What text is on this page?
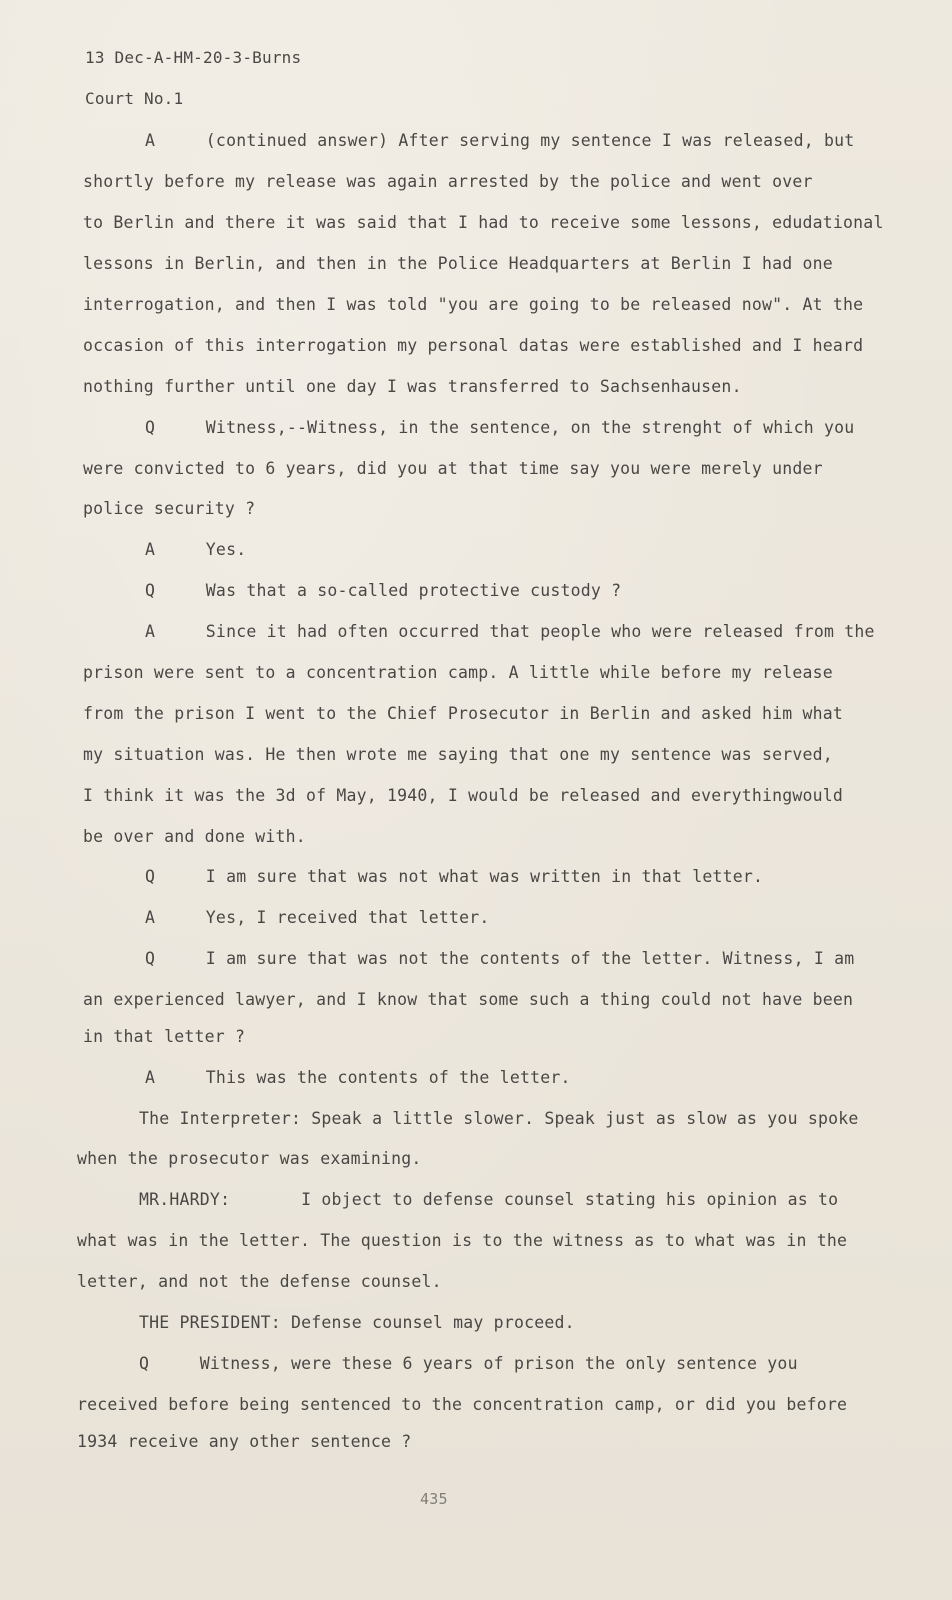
13 Dec-A-HM-20-3-Burns
Court No.1
A     (continued answer) After serving my sentence I was released, but
shortly before my release was again arrested by the police and went over
to Berlin and there it was said that I had to receive some lessons, edudational
lessons in Berlin, and then in the Police Headquarters at Berlin I had one
interrogation, and then I was told "you are going to be released now". At the
occasion of this interrogation my personal datas were established and I heard
nothing further until one day I was transferred to Sachsenhausen.
Q     Witness,--Witness, in the sentence, on the strenght of which you
were convicted to 6 years, did you at that time say you were merely under
police security ?
A     Yes.
Q     Was that a so-called protective custody ?
A     Since it had often occurred that people who were released from the
prison were sent to a concentration camp. A little while before my release
from the prison I went to the Chief Prosecutor in Berlin and asked him what
my situation was. He then wrote me saying that one my sentence was served,
I think it was the 3d of May, 1940, I would be released and everythingwould
be over and done with.
Q     I am sure that was not what was written in that letter.
A     Yes, I received that letter.
Q     I am sure that was not the contents of the letter. Witness, I am
an experienced lawyer, and I know that some such a thing could not have been
in that letter ?
A     This was the contents of the letter.
The Interpreter: Speak a little slower. Speak just as slow as you spoke
when the prosecutor was examining.
MR.HARDY:       I object to defense counsel stating his opinion as to
what was in the letter. The question is to the witness as to what was in the
letter, and not the defense counsel.
THE PRESIDENT: Defense counsel may proceed.
Q     Witness, were these 6 years of prison the only sentence you
received before being sentenced to the concentration camp, or did you before
1934 receive any other sentence ?
435
